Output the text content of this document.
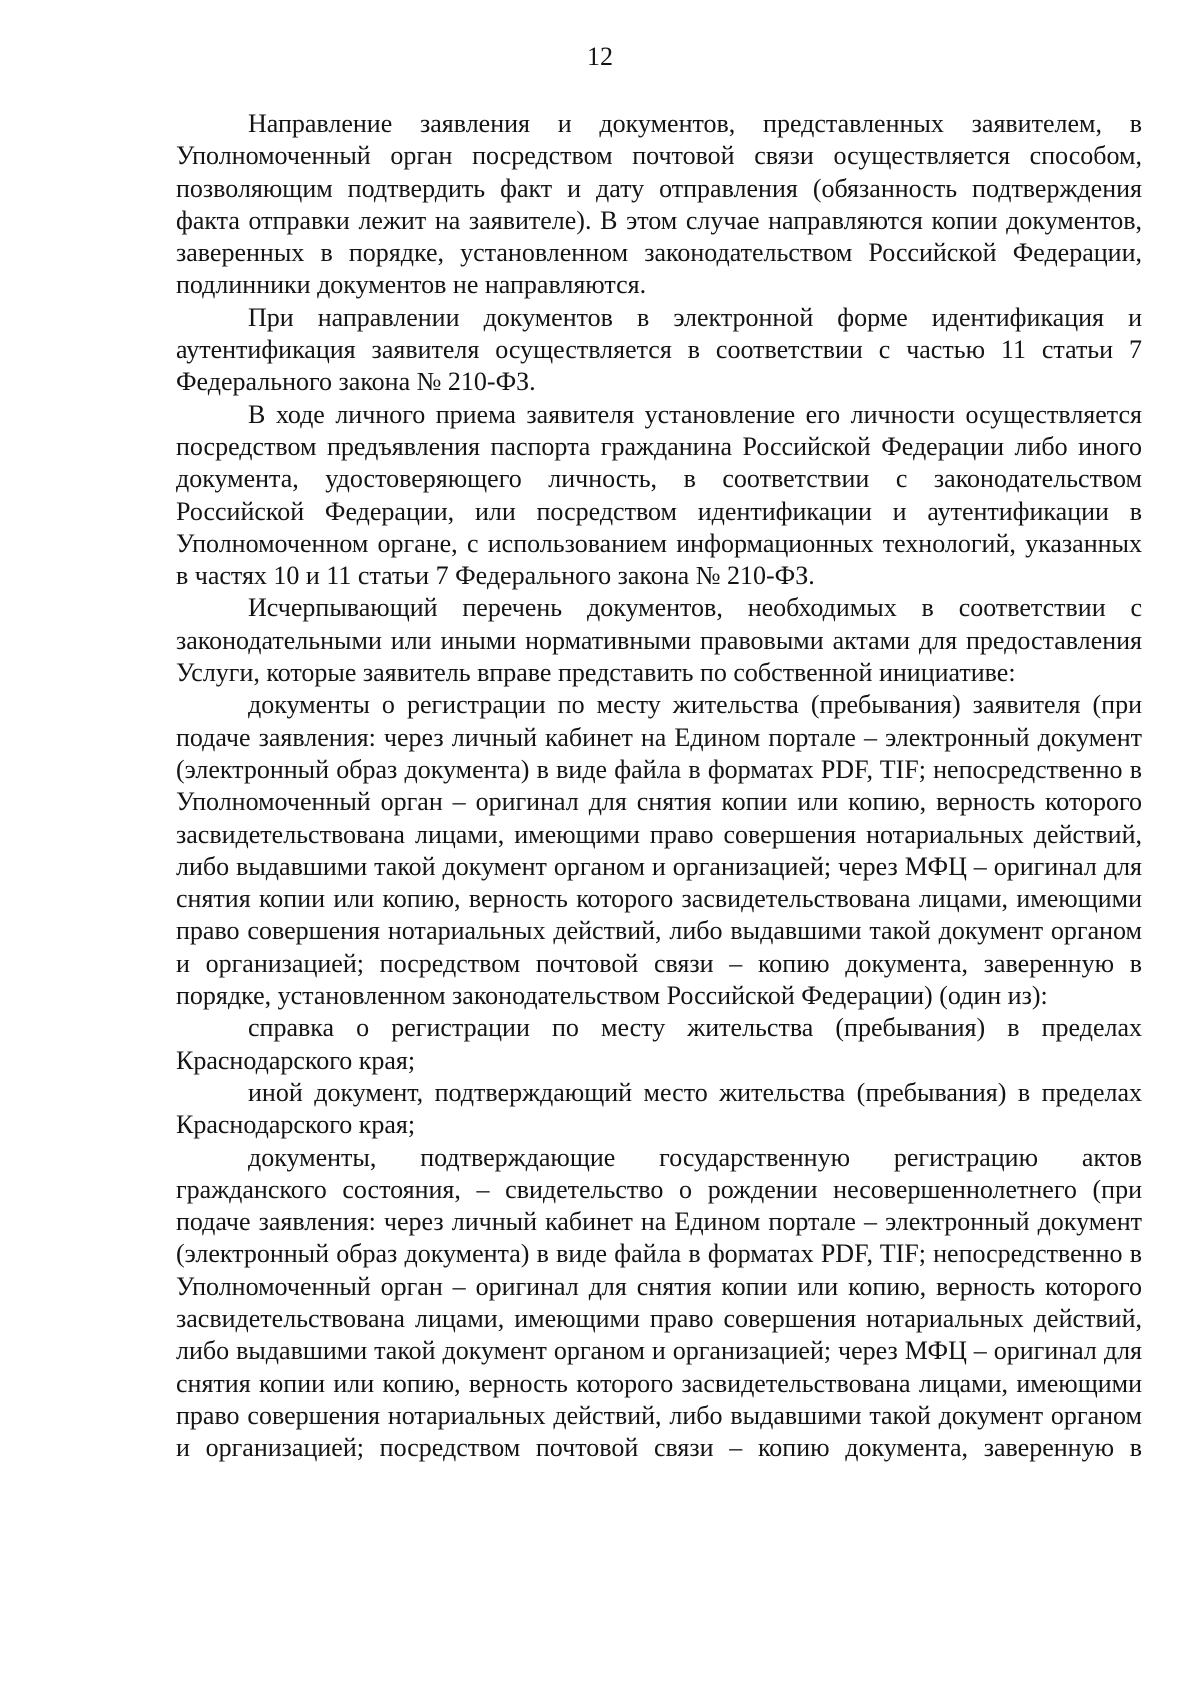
12

Направление заявления и документов, представленных заявителем, в Уполномоченный орган посредством почтовой связи осуществляется способом, позволяющим подтвердить факт и дату отправления (обязанность подтверждения факта отправки лежит на заявителе). В этом случае направляются копии документов, заверенных в порядке, установленном законодательством Российской Федерации, подлинники документов не направляются.

При направлении документов в электронной форме идентификация и аутентификация заявителя осуществляется в соответствии с частью 11 статьи 7 Федерального закона № 210-ФЗ.

В ходе личного приема заявителя установление его личности осуществляется посредством предъявления паспорта гражданина Российской Федерации либо иного документа, удостоверяющего личность, в соответствии с законодательством Российской Федерации, или посредством идентификации и аутентификации в Уполномоченном органе, с использованием информационных технологий, указанных в частях 10 и 11 статьи 7 Федерального закона № 210-ФЗ.

Исчерпывающий перечень документов, необходимых в соответствии с законодательными или иными нормативными правовыми актами для предоставления Услуги, которые заявитель вправе представить по собственной инициативе:

документы о регистрации по месту жительства (пребывания) заявителя (при подаче заявления: через личный кабинет на Едином портале – электронный документ (электронный образ документа) в виде файла в форматах PDF, TIF; непосредственно в Уполномоченный орган – оригинал для снятия копии или копию, верность которого засвидетельствована лицами, имеющими право совершения нотариальных действий, либо выдавшими такой документ органом и организацией; через МФЦ – оригинал для снятия копии или копию, верность которого засвидетельствована лицами, имеющими право совершения нотариальных действий, либо выдавшими такой документ органом и организацией; посредством почтовой связи – копию документа, заверенную в порядке, установленном законодательством Российской Федерации) (один из):

справка о регистрации по месту жительства (пребывания) в пределах Краснодарского края;

иной документ, подтверждающий место жительства (пребывания) в пределах Краснодарского края;

документы, подтверждающие государственную регистрацию актов гражданского состояния, – свидетельство о рождении несовершеннолетнего (при подаче заявления: через личный кабинет на Едином портале – электронный документ (электронный образ документа) в виде файла в форматах PDF, TIF; непосредственно в Уполномоченный орган – оригинал для снятия копии или копию, верность которого засвидетельствована лицами, имеющими право совершения нотариальных действий, либо выдавшими такой документ органом и организацией; через МФЦ – оригинал для снятия копии или копию, верность которого засвидетельствована лицами, имеющими право совершения нотариальных действий, либо выдавшими такой документ органом и организацией; посредством почтовой связи – копию документа, заверенную в
